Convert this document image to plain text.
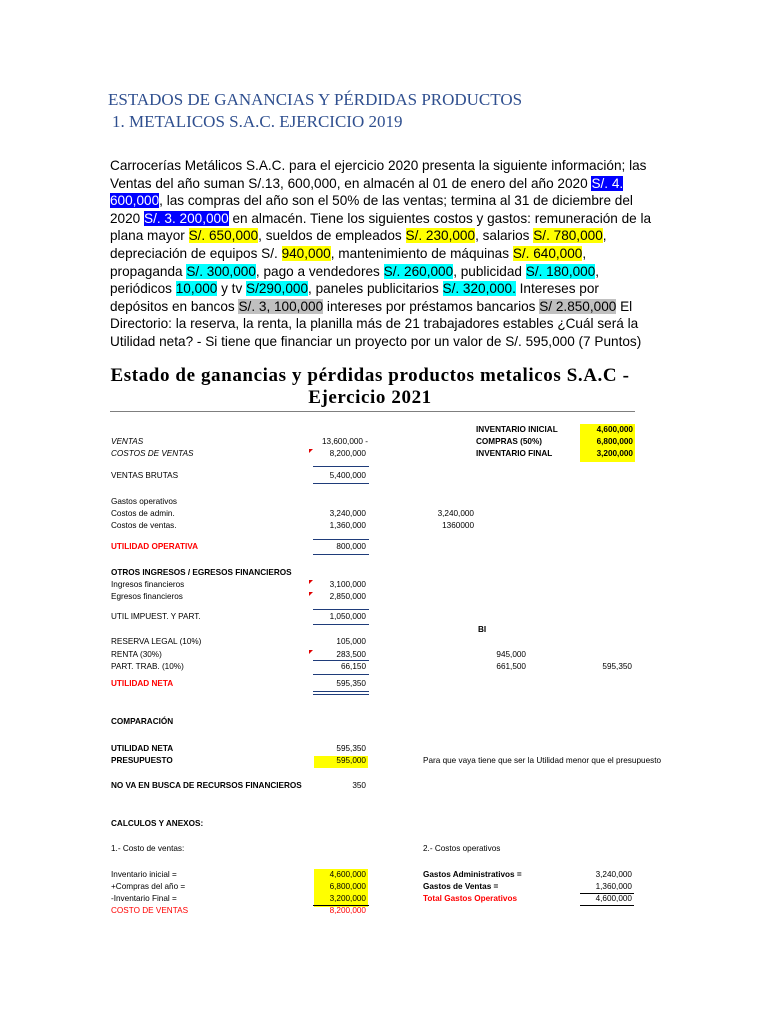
ESTADOS DE GANANCIAS Y PÉRDIDAS PRODUCTOS
1. METALICOS S.A.C. EJERCICIO 2019
Carrocerías Metálicos S.A.C. para el ejercicio 2020 presenta la siguiente información; las Ventas del año suman S/.13, 600,000, en almacén al 01 de enero del año 2020 S/. 4. 600,000, las compras del año son el 50% de las ventas; termina al 31 de diciembre del 2020 S/. 3. 200,000 en almacén. Tiene los siguientes costos y gastos: remuneración de la plana mayor S/. 650,000, sueldos de empleados S/. 230,000, salarios S/. 780,000, depreciación de equipos S/. 940,000, mantenimiento de máquinas S/. 640,000, propaganda S/. 300,000, pago a vendedores S/. 260,000, publicidad S/. 180,000, periódicos 10,000 y tv S/290,000, paneles publicitarios S/. 320,000. Intereses por depósitos en bancos S/. 3, 100,000 intereses por préstamos bancarios S/ 2.850,000 El Directorio: la reserva, la renta, la planilla más de 21 trabajadores estables ¿Cuál será la Utilidad neta? - Si tiene que financiar un proyecto por un valor de S/. 595,000 (7 Puntos)
Estado de ganancias y pérdidas productos metalicos S.A.C -
Ejercicio 2021
INVENTARIO INICIAL	4,600,000
COMPRAS (50%)	6,800,000
INVENTARIO FINAL	3,200,000
VENTAS	13,600,000 -
COSTOS DE VENTAS	8,200,000
VENTAS BRUTAS	5,400,000
Gastos operativos
Costos de admin.	3,240,000	3,240,000
Costos de ventas.	1,360,000	1360000
UTILIDAD OPERATIVA	800,000
OTROS INGRESOS / EGRESOS FINANCIEROS
Ingresos financieros	3,100,000
Egresos financieros	2,850,000
UTIL IMPUEST. Y PART.	1,050,000
BI
RESERVA LEGAL (10%)	105,000
RENTA (30%)	283,500	945,000
PART. TRAB. (10%)	66,150	661,500	595,350
UTILIDAD NETA	595,350
COMPARACIÓN
UTILIDAD NETA	595,350
PRESUPUESTO	595,000	Para que vaya tiene que ser la Utilidad menor que el presupuesto
NO VA EN BUSCA DE RECURSOS FINANCIEROS	350
CALCULOS Y ANEXOS:
1.- Costo de ventas:	2.- Costos operativos
Inventario inicial =	4,600,000
+Compras del año =	6,800,000
-Inventario Final =	3,200,000
COSTO DE VENTAS	8,200,000
Gastos Administrativos =	3,240,000
Gastos de Ventas =	1,360,000
Total Gastos Operativos	4,600,000
